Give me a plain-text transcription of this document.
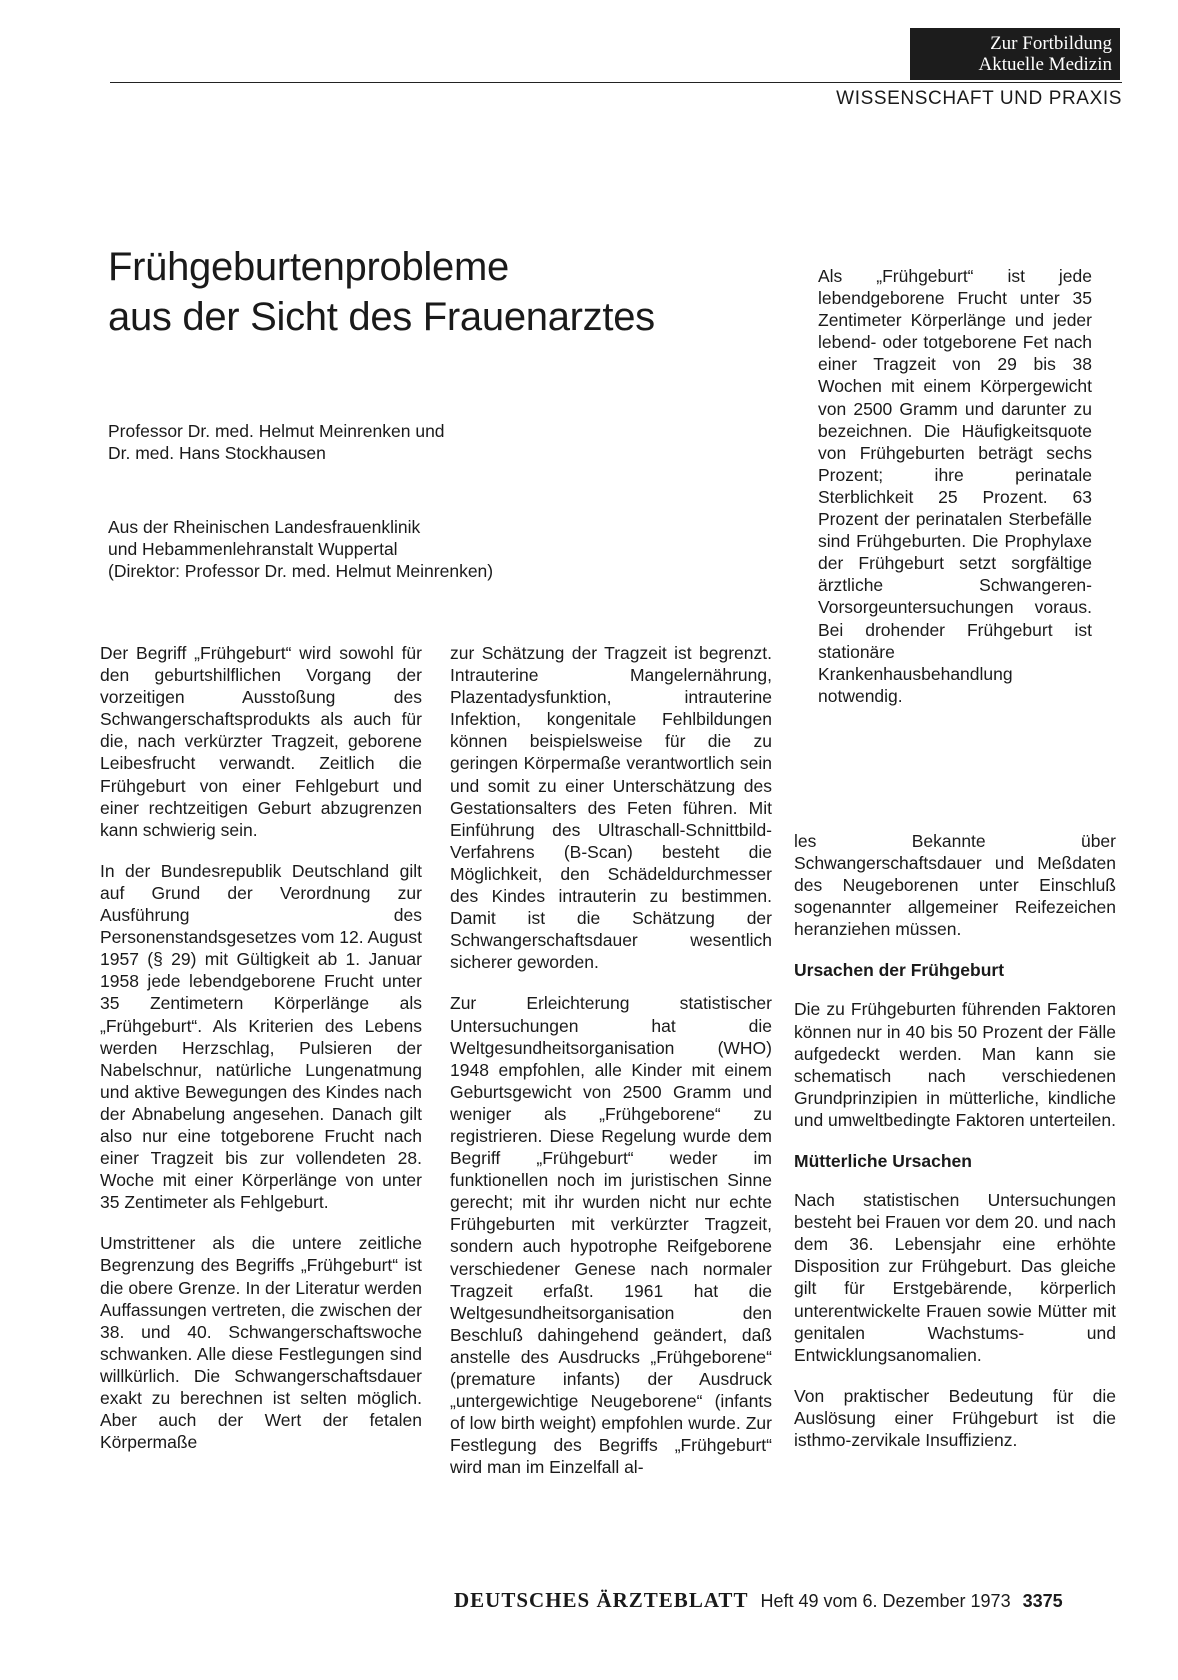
Zur Fortbildung
Aktuelle Medizin
WISSENSCHAFT UND PRAXIS
Frühgeburtenprobleme
aus der Sicht des Frauenarztes
Professor Dr. med. Helmut Meinrenken und
Dr. med. Hans Stockhausen
Aus der Rheinischen Landesfrauenklinik
und Hebammenlehranstalt Wuppertal
(Direktor: Professor Dr. med. Helmut Meinrenken)

Als „Frühgeburt“ ist jede lebendgeborene Frucht unter 35 Zentimeter Körperlänge und jeder lebend- oder totgeborene Fet nach einer Tragzeit von 29 bis 38 Wochen mit einem Körpergewicht von 2500 Gramm und darunter zu bezeichnen. Die Häufigkeitsquote von Frühgeburten beträgt sechs Prozent; ihre perinatale Sterblichkeit 25 Prozent. 63 Prozent der perinatalen Sterbefälle sind Frühgeburten. Die Prophylaxe der Frühgeburt setzt sorgfältige ärztliche Schwangeren-Vorsorgeuntersuchungen voraus. Bei drohender Frühgeburt ist stationäre Krankenhausbehandlung notwendig.

Der Begriff „Frühgeburt“ wird sowohl für den geburtshilflichen Vorgang der vorzeitigen Ausstoßung des Schwangerschaftsprodukts als auch für die, nach verkürzter Tragzeit, geborene Leibesfrucht verwandt. Zeitlich die Frühgeburt von einer Fehlgeburt und einer rechtzeitigen Geburt abzugrenzen kann schwierig sein.

In der Bundesrepublik Deutschland gilt auf Grund der Verordnung zur Ausführung des Personenstandsgesetzes vom 12. August 1957 (§ 29) mit Gültigkeit ab 1. Januar 1958 jede lebendgeborene Frucht unter 35 Zentimetern Körperlänge als „Frühgeburt“. Als Kriterien des Lebens werden Herzschlag, Pulsieren der Nabelschnur, natürliche Lungenatmung und aktive Bewegungen des Kindes nach der Abnabelung angesehen. Danach gilt also nur eine totgeborene Frucht nach einer Tragzeit bis zur vollendeten 28. Woche mit einer Körperlänge von unter 35 Zentimeter als Fehlgeburt.

Umstrittener als die untere zeitliche Begrenzung des Begriffs „Frühgeburt“ ist die obere Grenze. In der Literatur werden Auffassungen vertreten, die zwischen der 38. und 40. Schwangerschaftswoche schwanken. Alle diese Festlegungen sind willkürlich. Die Schwangerschaftsdauer exakt zu berechnen ist selten möglich. Aber auch der Wert der fetalen Körpermaße

zur Schätzung der Tragzeit ist begrenzt. Intrauterine Mangelernährung, Plazentadysfunktion, intrauterine Infektion, kongenitale Fehlbildungen können beispielsweise für die zu geringen Körpermaße verantwortlich sein und somit zu einer Unterschätzung des Gestationsalters des Feten führen. Mit Einführung des Ultraschall-Schnittbild-Verfahrens (B-Scan) besteht die Möglichkeit, den Schädeldurchmesser des Kindes intrauterin zu bestimmen. Damit ist die Schätzung der Schwangerschaftsdauer wesentlich sicherer geworden.

Zur Erleichterung statistischer Untersuchungen hat die Weltgesundheitsorganisation (WHO) 1948 empfohlen, alle Kinder mit einem Geburtsgewicht von 2500 Gramm und weniger als „Frühgeborene“ zu registrieren. Diese Regelung wurde dem Begriff „Frühgeburt“ weder im funktionellen noch im juristischen Sinne gerecht; mit ihr wurden nicht nur echte Frühgeburten mit verkürzter Tragzeit, sondern auch hypotrophe Reifgeborene verschiedener Genese nach normaler Tragzeit erfaßt. 1961 hat die Weltgesundheitsorganisation den Beschluß dahingehend geändert, daß anstelle des Ausdrucks „Frühgeborene“ (premature infants) der Ausdruck „untergewichtige Neugeborene“ (infants of low birth weight) empfohlen wurde. Zur Festlegung des Begriffs „Frühgeburt“ wird man im Einzelfall al-

les Bekannte über Schwangerschaftsdauer und Meßdaten des Neugeborenen unter Einschluß sogenannter allgemeiner Reifezeichen heranziehen müssen.

Ursachen der Frühgeburt

Die zu Frühgeburten führenden Faktoren können nur in 40 bis 50 Prozent der Fälle aufgedeckt werden. Man kann sie schematisch nach verschiedenen Grundprinzipien in mütterliche, kindliche und umweltbedingte Faktoren unterteilen.

Mütterliche Ursachen

Nach statistischen Untersuchungen besteht bei Frauen vor dem 20. und nach dem 36. Lebensjahr eine erhöhte Disposition zur Frühgeburt. Das gleiche gilt für Erstgebärende, körperlich unterentwickelte Frauen sowie Mütter mit genitalen Wachstums- und Entwicklungsanomalien.

Von praktischer Bedeutung für die Auslösung einer Frühgeburt ist die isthmo-zervikale Insuffizienz.

DEUTSCHES ÄRZTEBLATT Heft 49 vom 6. Dezember 1973 3375
